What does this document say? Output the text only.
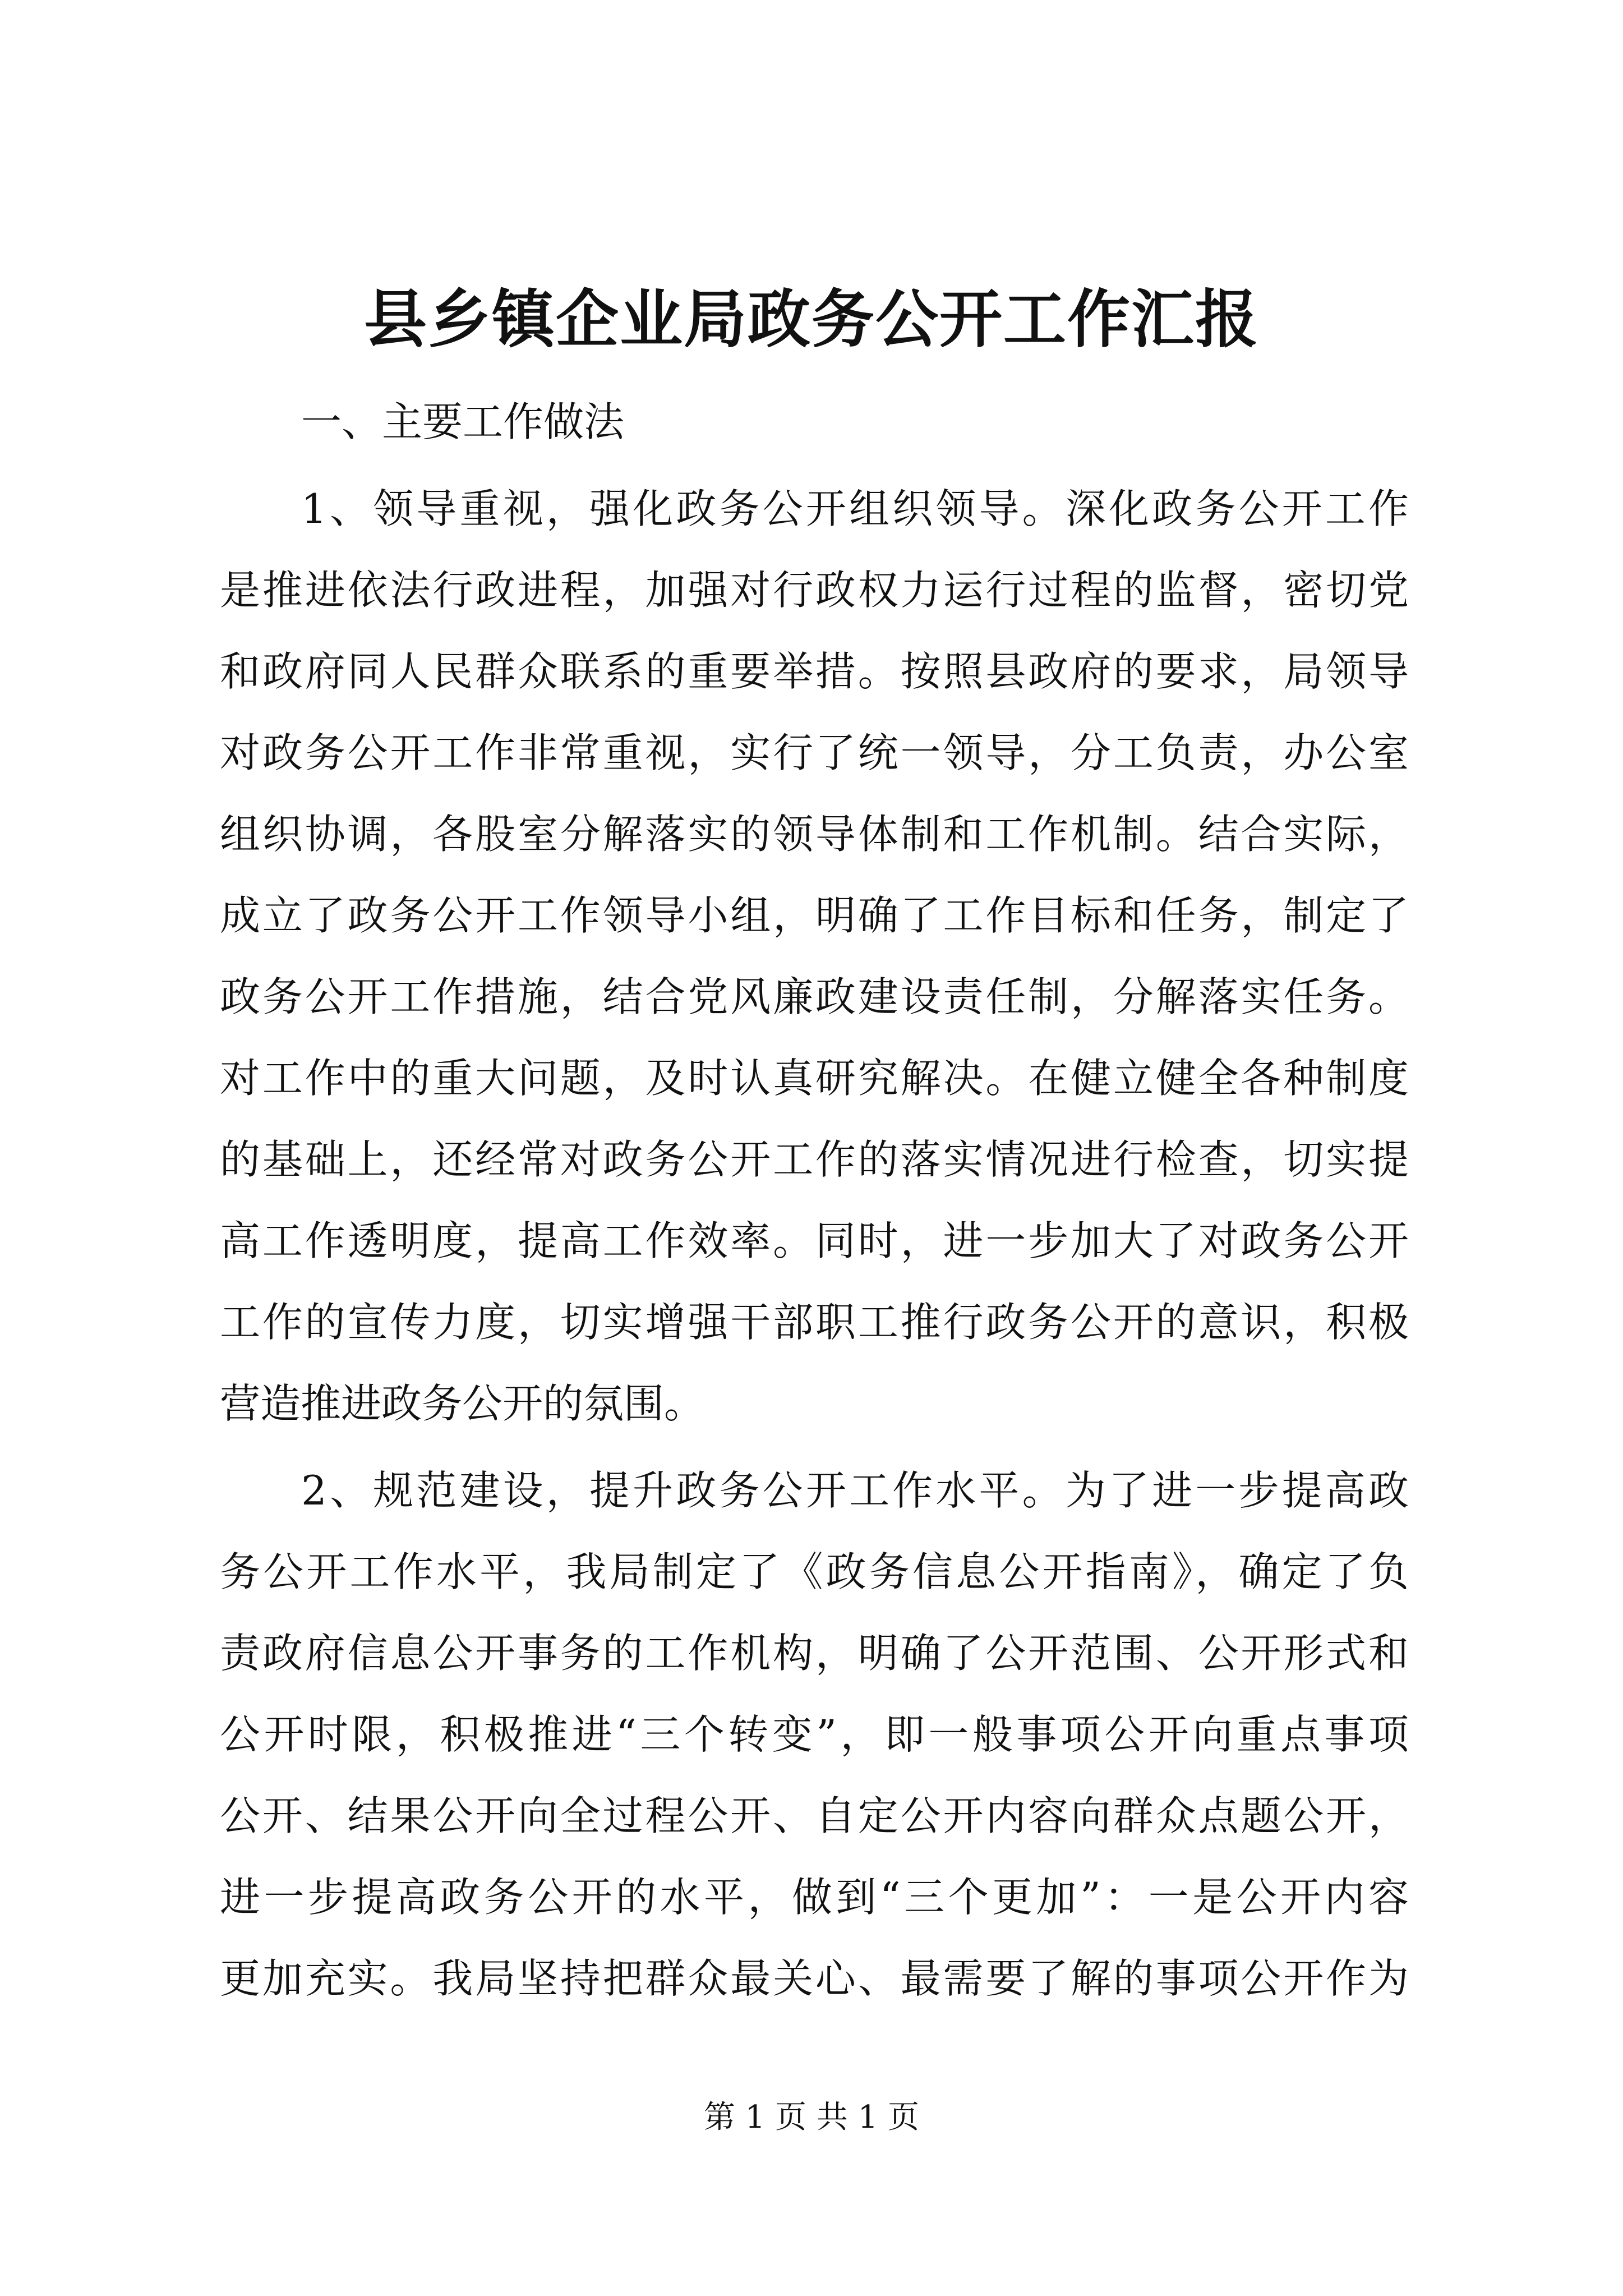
县乡镇企业局政务公开工作汇报
一、主要工作做法
1、领导重视，强化政务公开组织领导。深化政务公开工作
是推进依法行政进程，加强对行政权力运行过程的监督，密切党
和政府同人民群众联系的重要举措。按照县政府的要求，局领导
对政务公开工作非常重视，实行了统一领导，分工负责，办公室
组织协调，各股室分解落实的领导体制和工作机制。结合实际，
成立了政务公开工作领导小组，明确了工作目标和任务，制定了
政务公开工作措施，结合党风廉政建设责任制，分解落实任务。
对工作中的重大问题，及时认真研究解决。在健立健全各种制度
的基础上，还经常对政务公开工作的落实情况进行检查，切实提
高工作透明度，提高工作效率。同时，进一步加大了对政务公开
工作的宣传力度，切实增强干部职工推行政务公开的意识，积极
营造推进政务公开的氛围。
2、规范建设，提升政务公开工作水平。为了进一步提高政
务公开工作水平，我局制定了《政务信息公开指南》，确定了负
责政府信息公开事务的工作机构，明确了公开范围、公开形式和
公开时限，积极推进“三个转变”，即一般事项公开向重点事项
公开、结果公开向全过程公开、自定公开内容向群众点题公开，
进一步提高政务公开的水平，做到“三个更加”：一是公开内容
更加充实。我局坚持把群众最关心、最需要了解的事项公开作为
第 1 页 共 1 页
